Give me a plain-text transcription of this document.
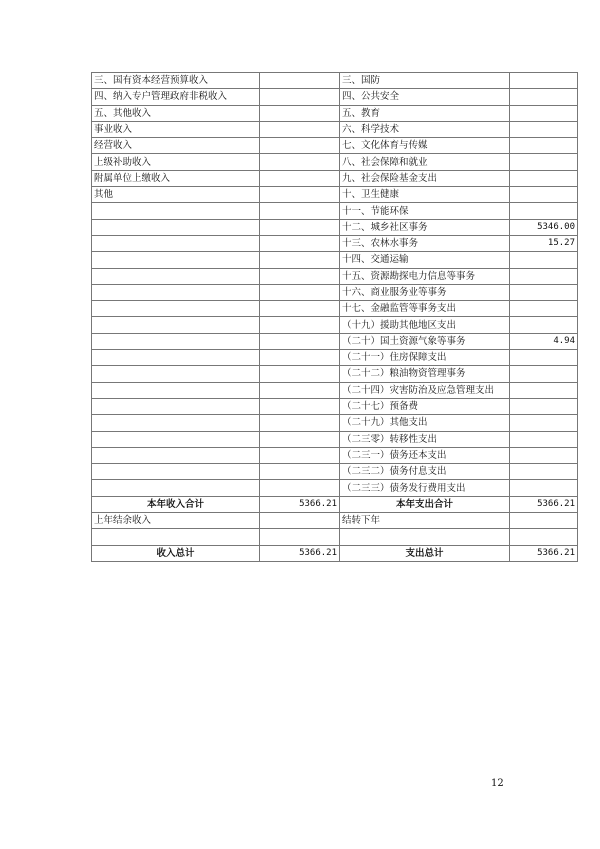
三、国有资本经营预算收入		三、国防	
四、纳入专户管理政府非税收入		四、公共安全	
五、其他收入		五、教育	
事业收入		六、科学技术	
经营收入		七、文化体育与传媒	
上级补助收入		八、社会保障和就业	
附属单位上缴收入		九、社会保险基金支出	
其他		十、卫生健康	
		十一、节能环保	
		十二、城乡社区事务	5346.00
		十三、农林水事务	15.27
		十四、交通运输	
		十五、资源勘探电力信息等事务	
		十六、商业服务业等事务	
		十七、金融监管等事务支出	
		（十九）援助其他地区支出	
		（二十）国土资源气象等事务	4.94
		（二十一）住房保障支出	
		（二十二）粮油物资管理事务	
		（二十四）灾害防治及应急管理支出	
		（二十七）预备费	
		（二十九）其他支出	
		（二三零）转移性支出	
		（二三一）债务还本支出	
		（二三二）债务付息支出	
		（二三三）债务发行费用支出	
本年收入合计	5366.21	本年支出合计	5366.21
上年结余收入		结转下年	

收入总计	5366.21	支出总计	5366.21
12
